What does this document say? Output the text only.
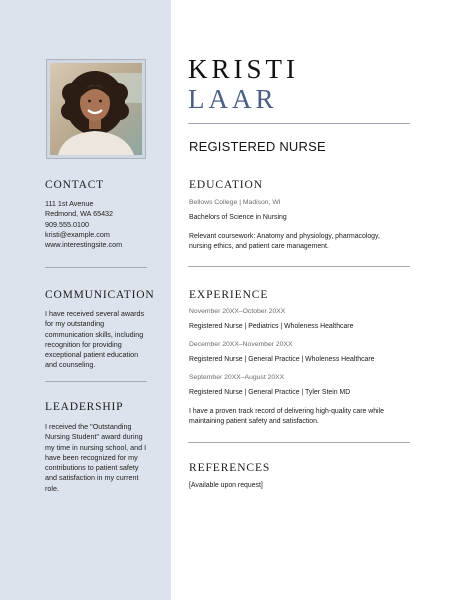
CONTACT
111 1st Avenue
Redmond, WA 65432
909.555.0100
kristi@example.com
www.interestingsite.com
COMMUNICATION
I have received several awards
for my outstanding
communication skills, including
recognition for providing
exceptional patient education
and counseling.
LEADERSHIP
I received the "Outstanding
Nursing Student" award during
my time in nursing school, and I
have been recognized for my
contributions to patient safety
and satisfaction in my current
role.
KRISTI
LAAR
REGISTERED NURSE
EDUCATION
Bellows College | Madison, WI
Bachelors of Science in Nursing
Relevant coursework: Anatomy and physiology, pharmacology,
nursing ethics, and patient care management.
EXPERIENCE
November 20XX–October 20XX
Registered Nurse | Pediatrics | Wholeness Healthcare
December 20XX–November 20XX
Registered Nurse | General Practice | Wholeness Healthcare
September 20XX–August 20XX
Registered Nurse | General Practice | Tyler Stein MD
I have a proven track record of delivering high-quality care while
maintaining patient safety and satisfaction.
REFERENCES
[Available upon request]
